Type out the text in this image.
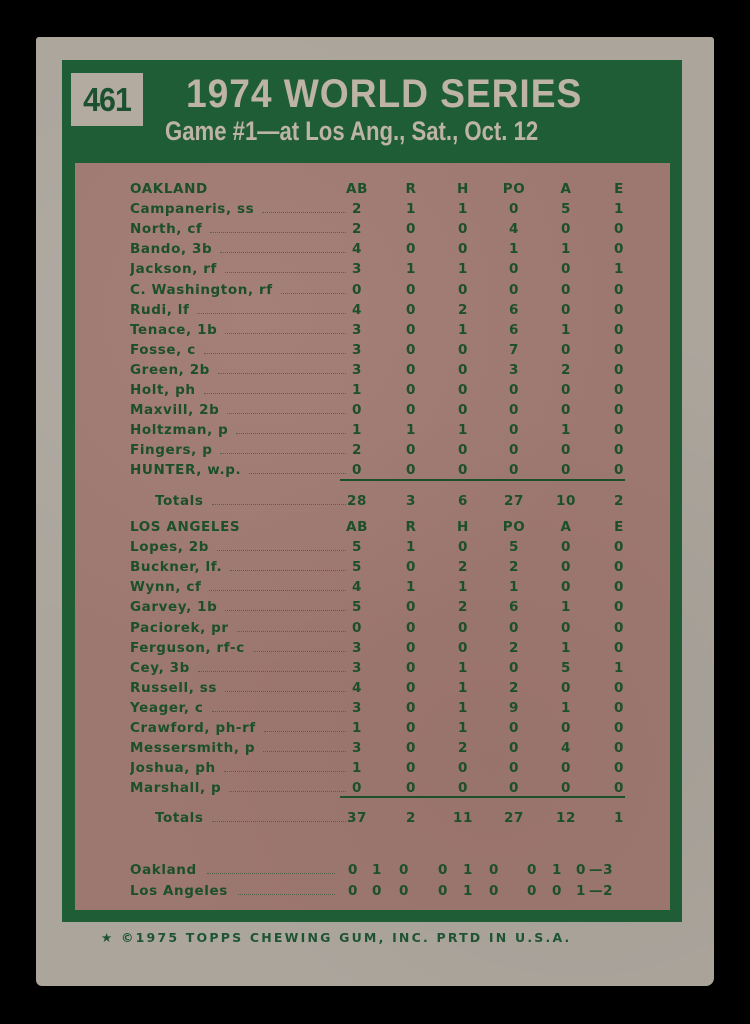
461 1974 WORLD SERIES
Game #1—at Los Ang., Sat., Oct. 12
OAKLAND	AB	R	H	PO	A	E
Campaneris, ss	2	1	1	0	5	1
North, cf	2	0	0	4	0	0
Bando, 3b	4	0	0	1	1	0
Jackson, rf	3	1	1	0	0	1
C. Washington, rf	0	0	0	0	0	0
Rudi, lf	4	0	2	6	0	0
Tenace, 1b	3	0	1	6	1	0
Fosse, c	3	0	0	7	0	0
Green, 2b	3	0	0	3	2	0
Holt, ph	1	0	0	0	0	0
Maxvill, 2b	0	0	0	0	0	0
Holtzman, p	1	1	1	0	1	0
Fingers, p	2	0	0	0	0	0
HUNTER, w.p.	0	0	0	0	0	0
Totals	28	3	6	27	10	2
LOS ANGELES	AB	R	H	PO	A	E
Lopes, 2b	5	1	0	5	0	0
Buckner, lf.	5	0	2	2	0	0
Wynn, cf	4	1	1	1	0	0
Garvey, 1b	5	0	2	6	1	0
Paciorek, pr	0	0	0	0	0	0
Ferguson, rf-c	3	0	0	2	1	0
Cey, 3b	3	0	1	0	5	1
Russell, ss	4	0	1	2	0	0
Yeager, c	3	0	1	9	1	0
Crawford, ph-rf	1	0	1	0	0	0
Messersmith, p	3	0	2	0	4	0
Joshua, ph	1	0	0	0	0	0
Marshall, p	0	0	0	0	0	0
Totals	37	2	11	27	12	1
Oakland	0 1 0 0 1 0 0 1 0 —3
Los Angeles	0 0 0 0 1 0 0 0 1 —2
★ ©1975 TOPPS CHEWING GUM, INC. PRTD IN U.S.A.
